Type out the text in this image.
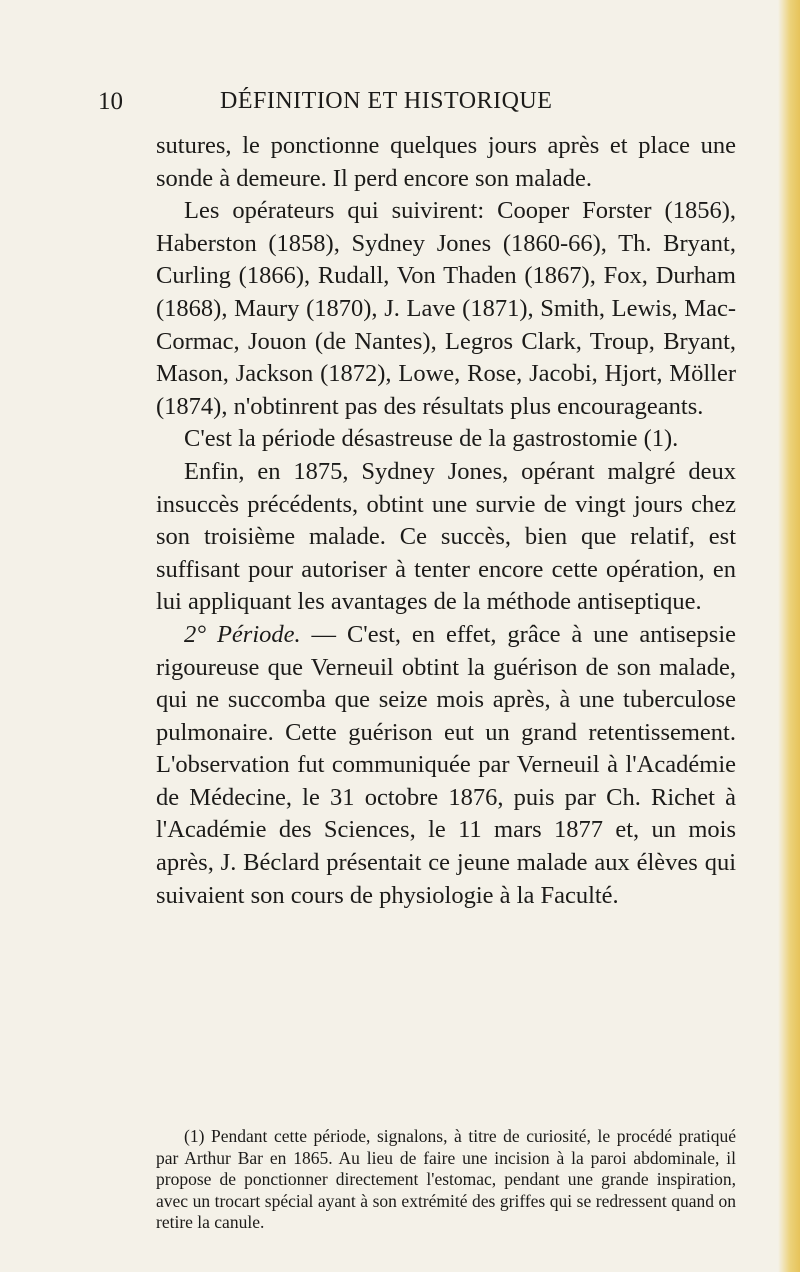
10	DÉFINITION ET HISTORIQUE

sutures, le ponctionne quelques jours après et place une sonde à demeure. Il perd encore son malade.

Les opérateurs qui suivirent: Cooper Forster (1856), Haberston (1858), Sydney Jones (1860-66), Th. Bryant, Curling (1866), Rudall, Von Thaden (1867), Fox, Durham (1868), Maury (1870), J. Lave (1871), Smith, Lewis, Mac-Cormac, Jouon (de Nantes), Legros Clark, Troup, Bryant, Mason, Jackson (1872), Lowe, Rose, Jacobi, Hjort, Möller (1874), n'obtinrent pas des résultats plus encourageants.

C'est la période désastreuse de la gastrostomie (1).

Enfin, en 1875, Sydney Jones, opérant malgré deux insuccès précédents, obtint une survie de vingt jours chez son troisième malade. Ce succès, bien que relatif, est suffisant pour autoriser à tenter encore cette opération, en lui appliquant les avantages de la méthode antiseptique.

2° Période. — C'est, en effet, grâce à une antisepsie rigoureuse que Verneuil obtint la guérison de son malade, qui ne succomba que seize mois après, à une tuberculose pulmonaire. Cette guérison eut un grand retentissement. L'observation fut communiquée par Verneuil à l'Académie de Médecine, le 31 octobre 1876, puis par Ch. Richet à l'Académie des Sciences, le 11 mars 1877 et, un mois après, J. Béclard présentait ce jeune malade aux élèves qui suivaient son cours de physiologie à la Faculté.

(1) Pendant cette période, signalons, à titre de curiosité, le procédé pratiqué par Arthur Bar en 1865. Au lieu de faire une incision à la paroi abdominale, il propose de ponctionner directement l'estomac, pendant une grande inspiration, avec un trocart spécial ayant à son extrémité des griffes qui se redressent quand on retire la canule.
